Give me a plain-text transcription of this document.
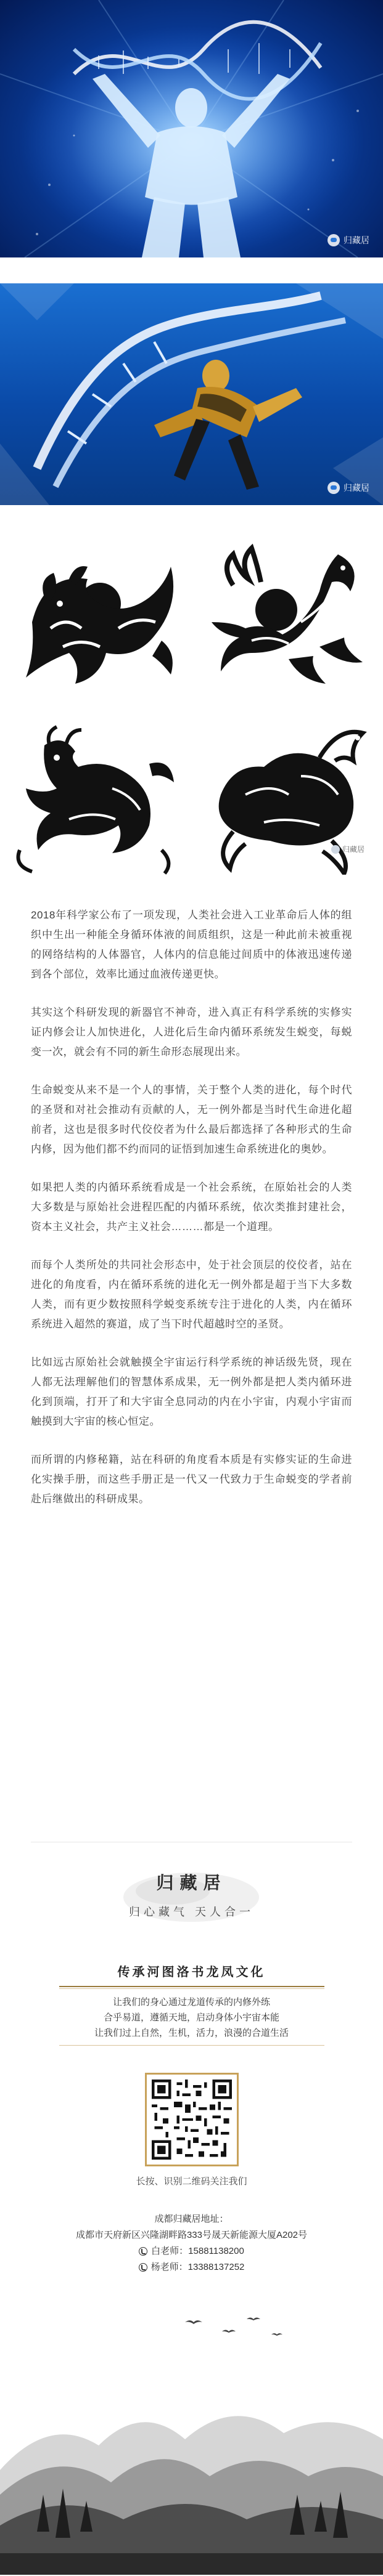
归藏居
归藏居
归藏居

2018年科学家公布了一项发现，人类社会进入工业革命后人体的组织中生出一种能全身循环体液的间质组织，这是一种此前未被重视的网络结构的人体器官，人体内的信息能过间质中的体液迅速传递到各个部位，效率比通过血液传递更快。

其实这个科研发现的新器官不神奇，进入真正有科学系统的实修实证内修会让人加快进化，人进化后生命内循环系统发生蜕变，每蜕变一次，就会有不同的新生命形态展现出来。

生命蜕变从来不是一个人的事情，关于整个人类的进化，每个时代的圣贤和对社会推动有贡献的人，无一例外都是当时代生命进化超前者，这也是很多时代佼佼者为什么最后都选择了各种形式的生命内修，因为他们都不约而同的证悟到加速生命系统进化的奥妙。

如果把人类的内循环系统看成是一个社会系统，在原始社会的人类大多数是与原始社会进程匹配的内循环系统，依次类推封建社会，资本主义社会，共产主义社会………都是一个道理。

而每个人类所处的共同社会形态中，处于社会顶层的佼佼者，站在进化的角度看，内在循环系统的进化无一例外都是超于当下大多数人类，而有更少数按照科学蜕变系统专注于进化的人类，内在循环系统进入超然的赛道，成了当下时代超越时空的圣贤。

比如远古原始社会就触摸全宇宙运行科学系统的神话级先贤，现在人都无法理解他们的智慧体系成果，无一例外都是把人类内循环进化到顶端，打开了和大宇宙全息同动的内在小宇宙，内观小宇宙而触摸到大宇宙的核心恒定。

而所谓的内修秘籍，站在科研的角度看本质是有实修实证的生命进化实操手册，而这些手册正是一代又一代致力于生命蜕变的学者前赴后继做出的科研成果。

归藏居
归心藏气 天人合一
传承河图洛书龙凤文化
让我们的身心通过龙道传承的内修外练
合乎易道，遵循天地，启动身体小宇宙本能
让我们过上自然，生机，活力，浪漫的合道生活
长按、识别二维码关注我们
成都归藏居地址：
成都市天府新区兴隆湖畔路333号晟天新能源大厦A202号
白老师：15881138200
杨老师：13388137252
